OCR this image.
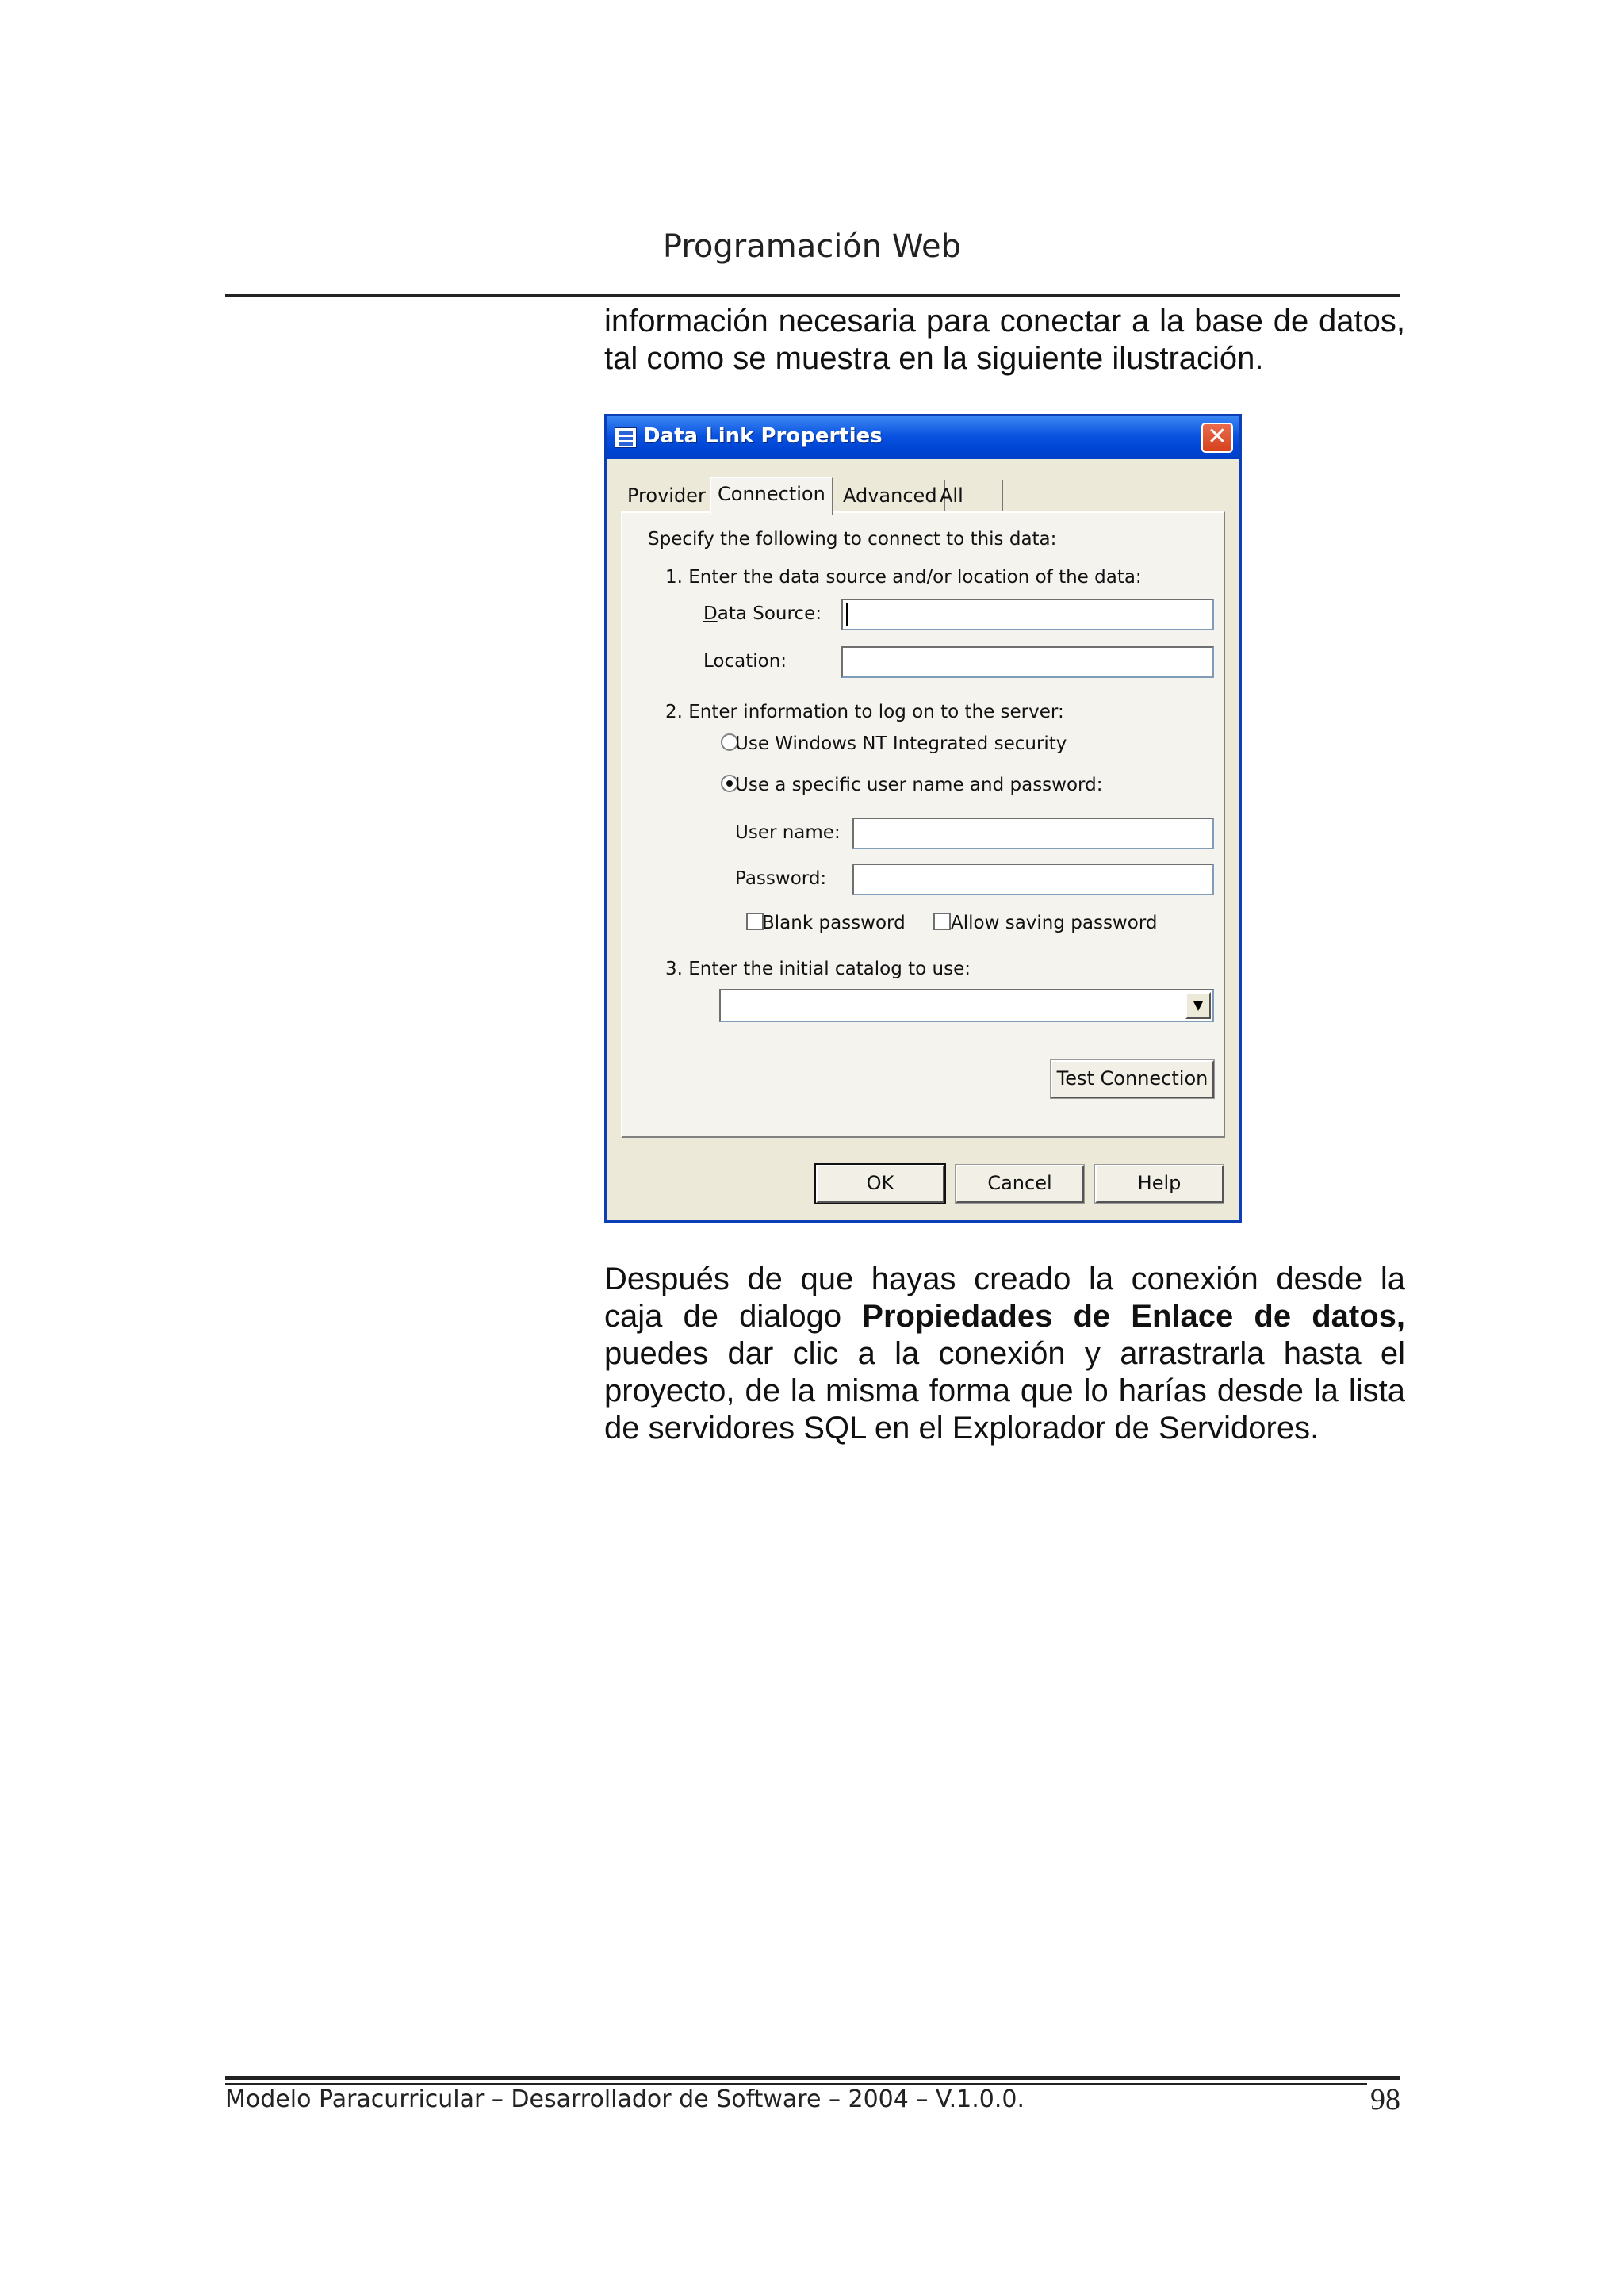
Programación Web
información necesaria para conectar a la base de datos,
tal como se muestra en la siguiente ilustración.
Data Link Properties	✕
Provider Connection Advanced All
Specify the following to connect to this data:
1. Enter the data source and/or location of the data:
Data Source:
Location:
2. Enter information to log on to the server:
Use Windows NT Integrated security
Use a specific user name and password:
User name:
Password:
Blank password Allow saving password
3. Enter the initial catalog to use:
▼
Test Connection
OK	Cancel	Help
Después de que hayas creado la conexión desde la
caja de dialogo Propiedades de Enlace de datos,
puedes dar clic a la conexión y arrastrarla hasta el
proyecto, de la misma forma que lo harías desde la lista
de servidores SQL en el Explorador de Servidores.
Modelo Paracurricular – Desarrollador de Software – 2004 – V.1.0.0.	98
